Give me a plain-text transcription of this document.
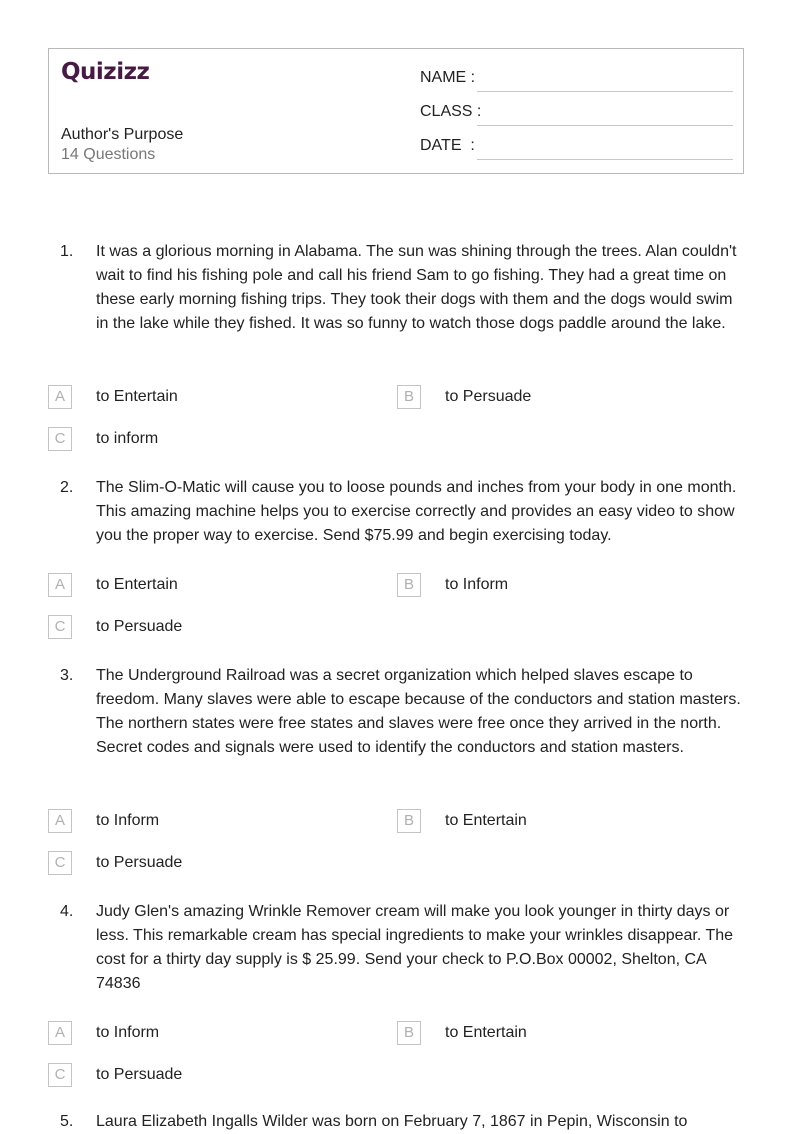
Quizizz
Author's Purpose
14 Questions
NAME :
CLASS :
DATE  :
1. It was a glorious morning in Alabama. The sun was shining through the trees. Alan couldn't wait to find his fishing pole and call his friend Sam to go fishing. They had a great time on these early morning fishing trips. They took their dogs with them and the dogs would swim in the lake while they fished. It was so funny to watch those dogs paddle around the lake.

A	to Entertain	B	to Persuade
C	to inform
2. The Slim-O-Matic will cause you to loose pounds and inches from your body in one month. This amazing machine helps you to exercise correctly and provides an easy video to show you the proper way to exercise. Send $75.99 and begin exercising today.

A	to Entertain	B	to Inform
C	to Persuade
3. The Underground Railroad was a secret organization which helped slaves escape to freedom. Many slaves were able to escape because of the conductors and station masters. The northern states were free states and slaves were free once they arrived in the north. Secret codes and signals were used to identify the conductors and station masters.

A	to Inform	B	to Entertain
C	to Persuade
4. Judy Glen's amazing Wrinkle Remover cream will make you look younger in thirty days or less. This remarkable cream has special ingredients to make your wrinkles disappear. The cost for a thirty day supply is $ 25.99. Send your check to P.O.Box 00002, Shelton, CA 74836

A	to Inform	B	to Entertain
C	to Persuade
5. Laura Elizabeth Ingalls Wilder was born on February 7, 1867 in Pepin, Wisconsin to
